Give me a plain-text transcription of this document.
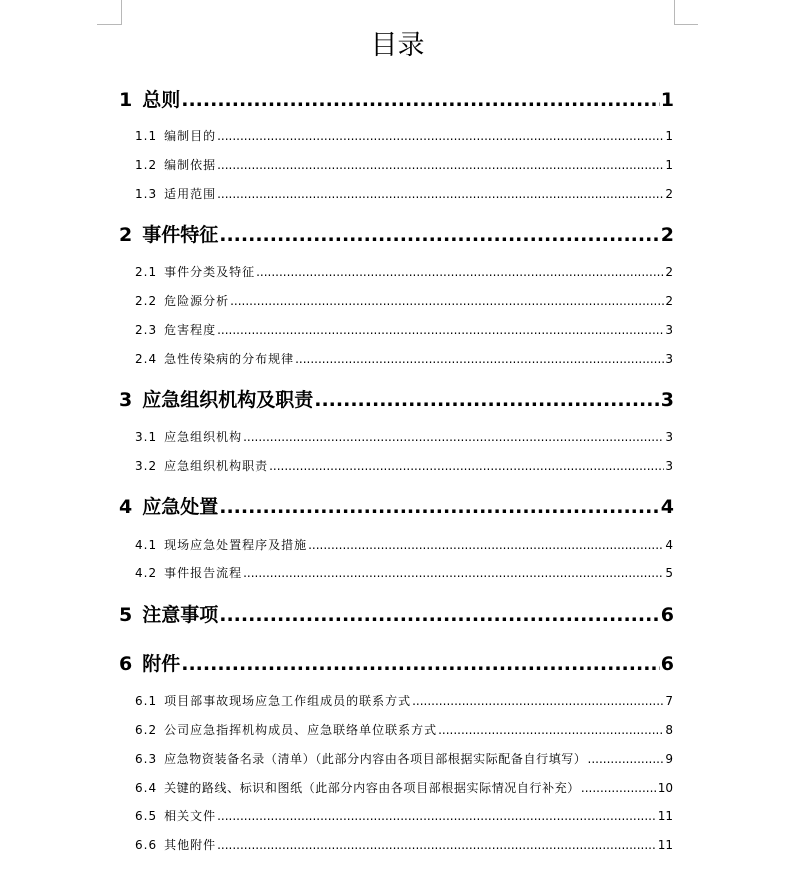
目录
1 总则 .....	1
1.1 编制目的 .....	1
1.2 编制依据 .....	1
1.3 适用范围 .....	2
2 事件特征 .....	2
2.1 事件分类及特征 .....	2
2.2 危险源分析 .....	2
2.3 危害程度 .....	3
2.4 急性传染病的分布规律 .....	3
3 应急组织机构及职责 .....	3
3.1 应急组织机构 .....	3
3.2 应急组织机构职责 .....	3
4 应急处置 .....	4
4.1 现场应急处置程序及措施 .....	4
4.2 事件报告流程 .....	5
5 注意事项 .....	6
6 附件 .....	6
6.1 项目部事故现场应急工作组成员的联系方式 .....	7
6.2 公司应急指挥机构成员、应急联络单位联系方式 .....	8
6.3 应急物资装备名录（清单）（此部分内容由各项目部根据实际配备自行填写） .....	9
6.4 关键的路线、标识和图纸（此部分内容由各项目部根据实际情况自行补充） .....	10
6.5 相关文件 .....	11
6.6 其他附件 .....	11
